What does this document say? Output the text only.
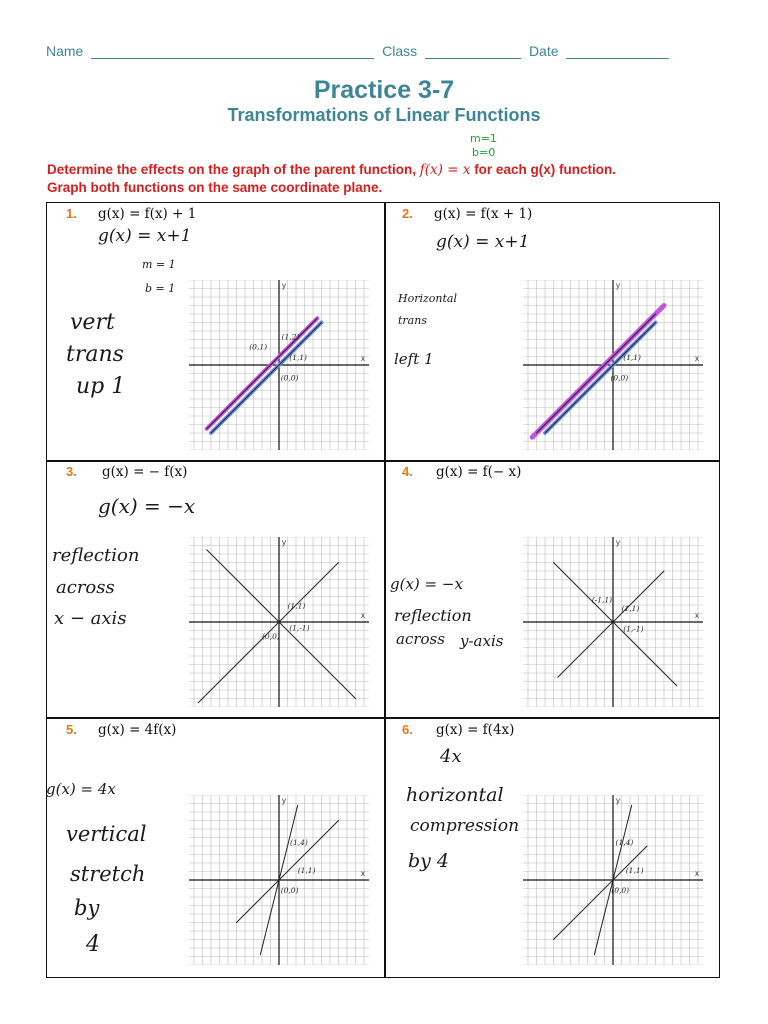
Name	Class	Date
Practice 3-7
Transformations of Linear Functions
m=1
b=0
Determine the effects on the graph of the parent function, f(x) = x for each g(x) function.
Graph both functions on the same coordinate plane.
1. g(x) = f(x) + 1
g(x) = x+1
m = 1
b = 1
vert
trans
up 1
2. g(x) = f(x + 1)
g(x) = x+1
Horizontal
trans
left 1
3. g(x) = − f(x)
g(x) = −x
reflection
across
x − axis
4. g(x) = f(− x)
g(x) = −x
reflection
across y-axis
5. g(x) = 4f(x)
g(x) = 4x
vertical
stretch
by
4
6. g(x) = f(4x)
4x
horizontal
compression
by 4
x
y
(1,2)
(0,1)
(1,1)
(0,0)
x
y
(1,1)
(0,0)
x
y
(1,1)
(1,-1)
(0,0)
x
y
(-1,1)
(1,1)
(1,-1)
x
y
(1,4)
(1,1)
(0,0)
x
y
(1,4)
(1,1)
(0,0)
